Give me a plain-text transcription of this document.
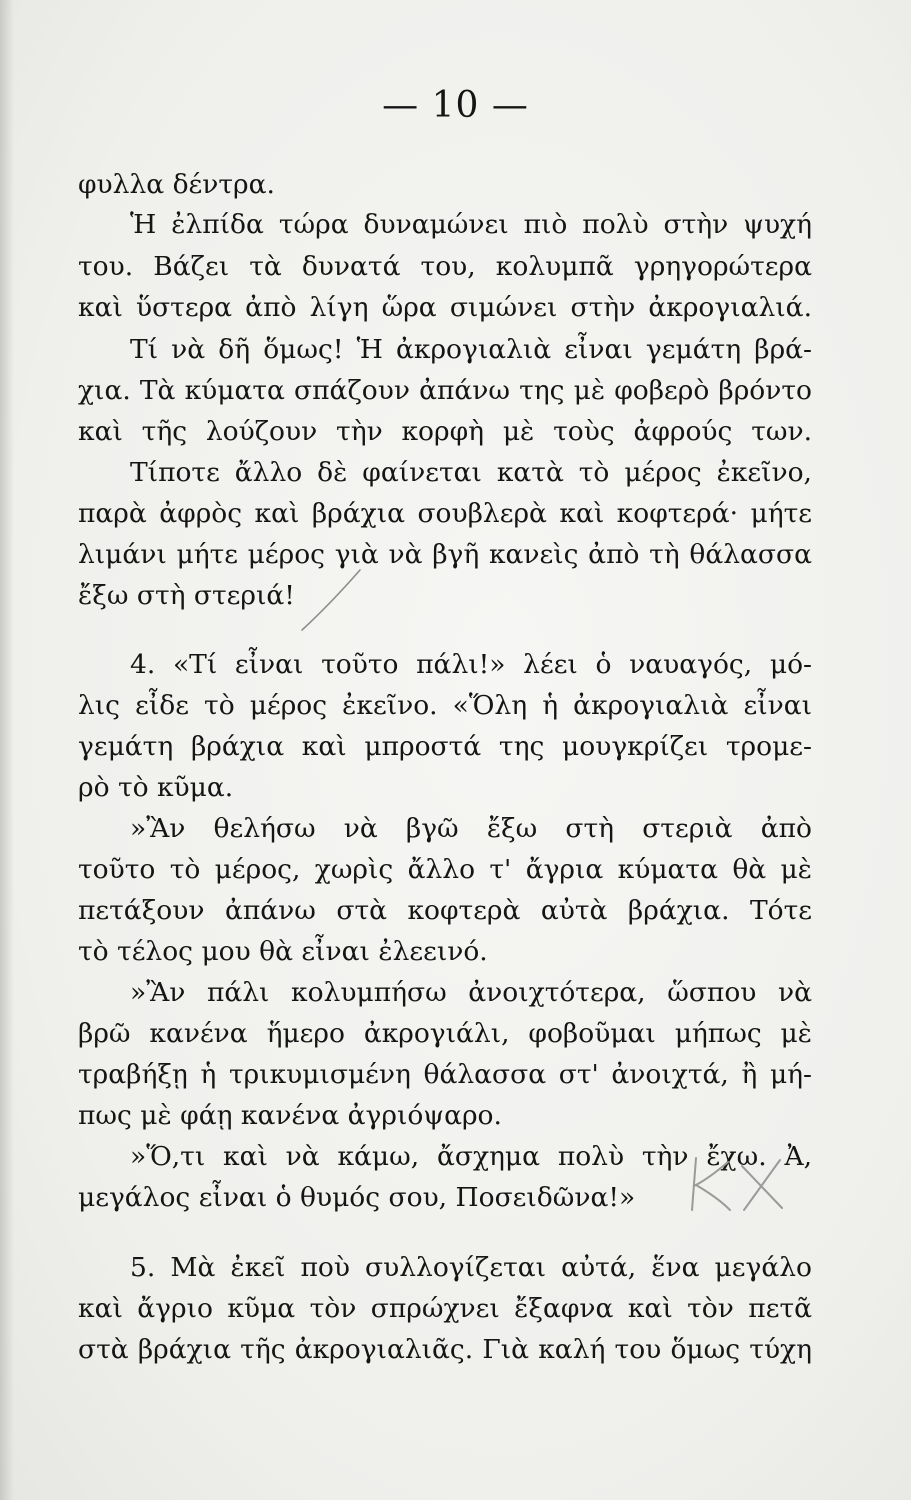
— 10 —

φυλλα δέντρα.

Ἡ ἐλπίδα τώρα δυναμώνει πιὸ πολὺ στὴν ψυχή

του. Βάζει τὰ δυνατά του, κολυμπᾶ γρηγορώτερα

καὶ ὕστερα ἀπὸ λίγη ὥρα σιμώνει στὴν ἀκρογιαλιά.

Τί νὰ δῆ ὅμως! Ἡ ἀκρογιαλιὰ εἶναι γεμάτη βρά-

χια. Τὰ κύματα σπάζουν ἀπάνω της μὲ φοβερὸ βρόντο

καὶ τῆς λούζουν τὴν κορφὴ μὲ τοὺς ἀφρούς των.

Τίποτε ἄλλο δὲ φαίνεται κατὰ τὸ μέρος ἐκεῖνο,

παρὰ ἀφρὸς καὶ βράχια σουβλερὰ καὶ κοφτερά· μήτε

λιμάνι μήτε μέρος γιὰ νὰ βγῆ κανεὶς ἀπὸ τὴ θάλασσα

ἔξω στὴ στεριά!

4. «Τί εἶναι τοῦτο πάλι!» λέει ὁ ναυαγός, μό-

λις εἶδε τὸ μέρος ἐκεῖνο. «Ὅλη ἡ ἀκρογιαλιὰ εἶναι

γεμάτη βράχια καὶ μπροστά της μουγκρίζει τρομε-

ρὸ τὸ κῦμα.

»Ἂν θελήσω νὰ βγῶ ἔξω στὴ στεριὰ ἀπὸ

τοῦτο τὸ μέρος, χωρὶς ἄλλο τ' ἄγρια κύματα θὰ μὲ

πετάξουν ἀπάνω στὰ κοφτερὰ αὐτὰ βράχια. Τότε

τὸ τέλος μου θὰ εἶναι ἐλεεινό.

»Ἂν πάλι κολυμπήσω ἀνοιχτότερα, ὥσπου νὰ

βρῶ κανένα ἥμερο ἀκρογιάλι, φοβοῦμαι μήπως μὲ

τραβήξῃ ἡ τρικυμισμένη θάλασσα στ' ἀνοιχτά, ἢ μή-

πως μὲ φάῃ κανένα ἀγριόψαρο.

»Ὅ,τι καὶ νὰ κάμω, ἄσχημα πολὺ τὴν ἔχω. Ἀ,

μεγάλος εἶναι ὁ θυμός σου, Ποσειδῶνα!»

5. Μὰ ἐκεῖ ποὺ συλλογίζεται αὐτά, ἕνα μεγάλο

καὶ ἄγριο κῦμα τὸν σπρώχνει ἔξαφνα καὶ τὸν πετᾶ

στὰ βράχια τῆς ἀκρογιαλιᾶς. Γιὰ καλή του ὅμως τύχη
